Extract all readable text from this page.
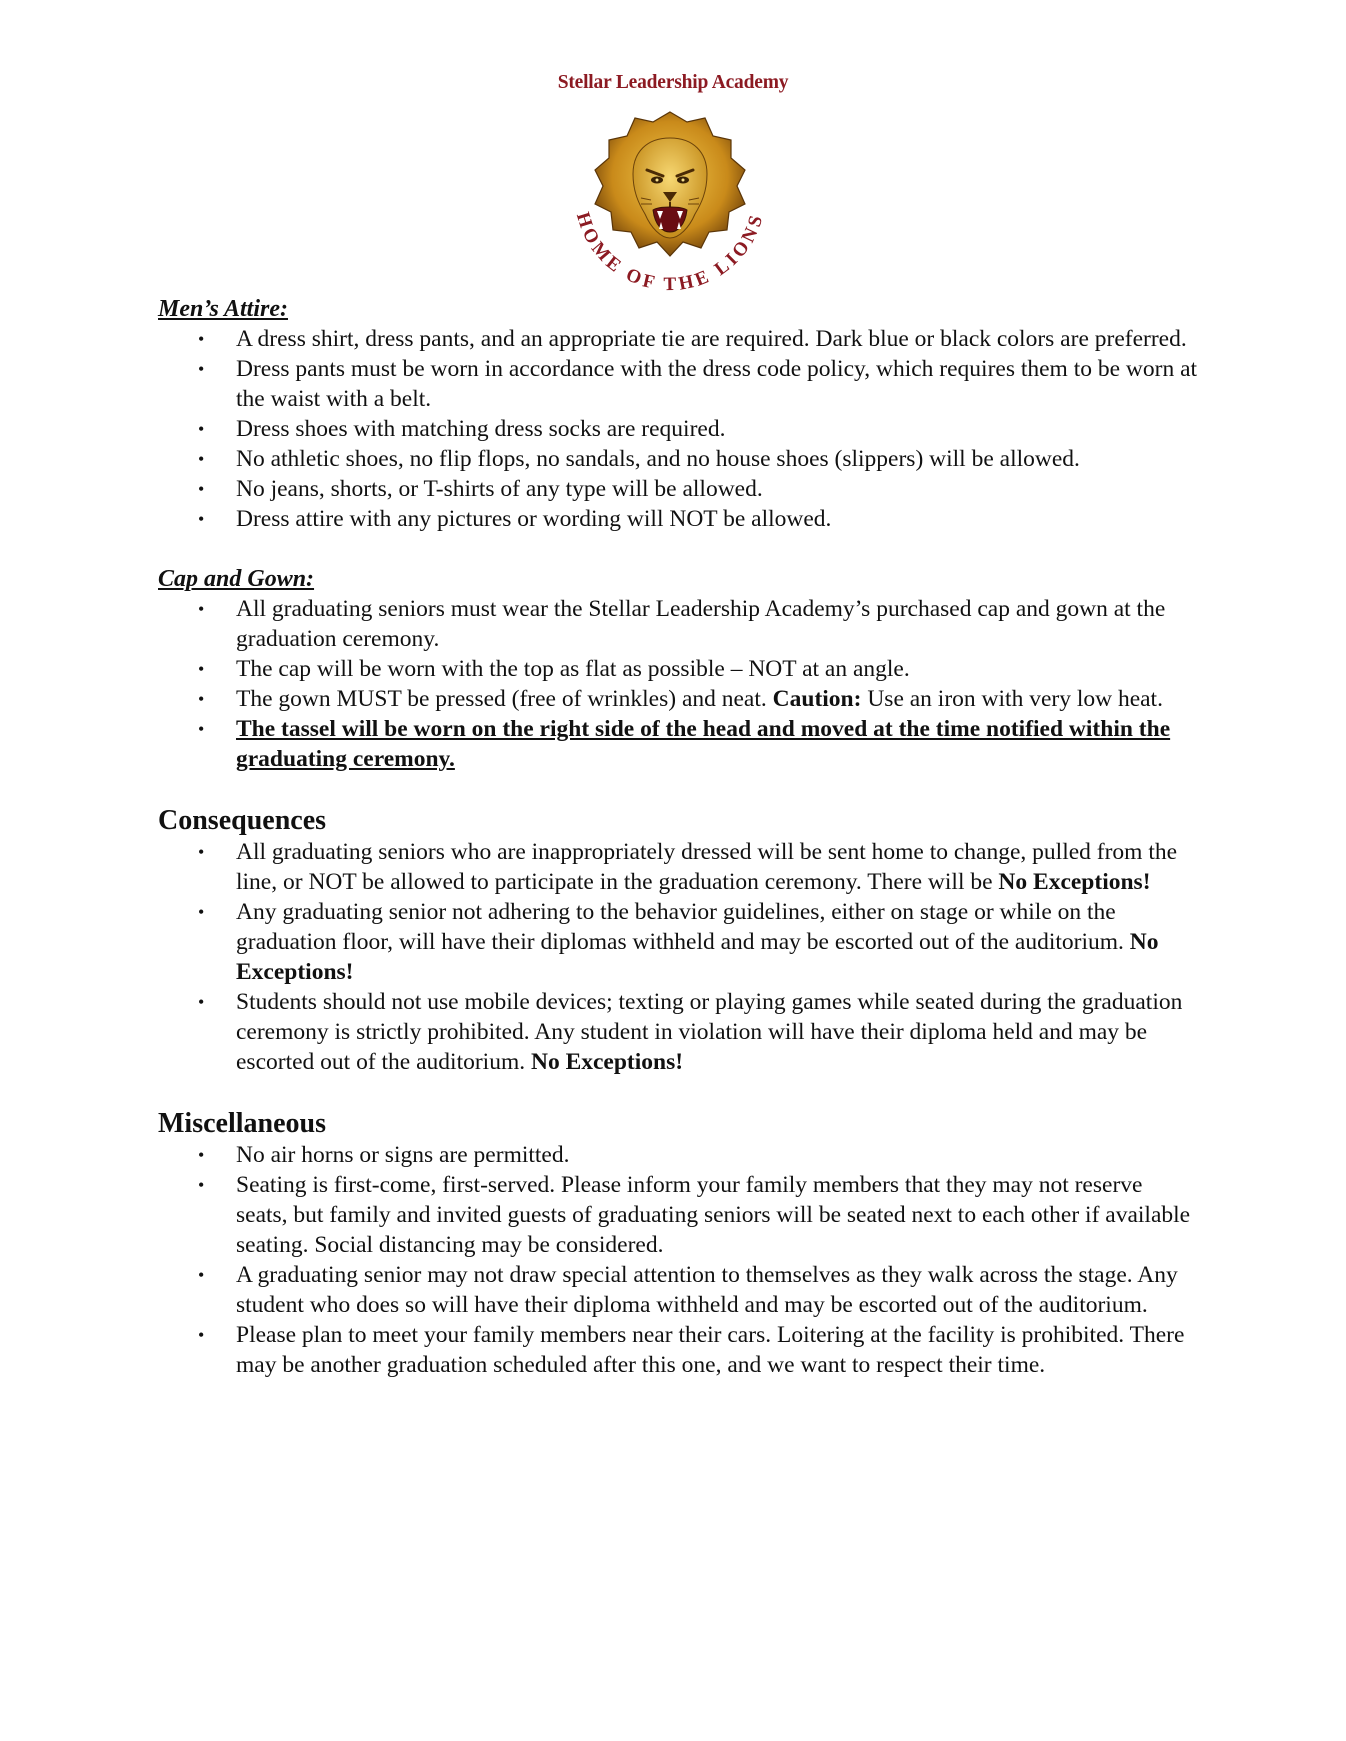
Stellar Leadership Academy
HOME OF THE LIONS
Men’s Attire:
• A dress shirt, dress pants, and an appropriate tie are required. Dark blue or black colors are preferred.
• Dress pants must be worn in accordance with the dress code policy, which requires them to be worn at the waist with a belt.
• Dress shoes with matching dress socks are required.
• No athletic shoes, no flip flops, no sandals, and no house shoes (slippers) will be allowed.
• No jeans, shorts, or T-shirts of any type will be allowed.
• Dress attire with any pictures or wording will NOT be allowed.
Cap and Gown:
• All graduating seniors must wear the Stellar Leadership Academy’s purchased cap and gown at the graduation ceremony.
• The cap will be worn with the top as flat as possible – NOT at an angle.
• The gown MUST be pressed (free of wrinkles) and neat. Caution: Use an iron with very low heat.
• The tassel will be worn on the right side of the head and moved at the time notified within the graduating ceremony.
Consequences
• All graduating seniors who are inappropriately dressed will be sent home to change, pulled from the line, or NOT be allowed to participate in the graduation ceremony. There will be No Exceptions!
• Any graduating senior not adhering to the behavior guidelines, either on stage or while on the graduation floor, will have their diplomas withheld and may be escorted out of the auditorium. No Exceptions!
• Students should not use mobile devices; texting or playing games while seated during the graduation ceremony is strictly prohibited. Any student in violation will have their diploma held and may be escorted out of the auditorium. No Exceptions!
Miscellaneous
• No air horns or signs are permitted.
• Seating is first-come, first-served. Please inform your family members that they may not reserve seats, but family and invited guests of graduating seniors will be seated next to each other if available seating. Social distancing may be considered.
• A graduating senior may not draw special attention to themselves as they walk across the stage. Any student who does so will have their diploma withheld and may be escorted out of the auditorium.
• Please plan to meet your family members near their cars. Loitering at the facility is prohibited. There may be another graduation scheduled after this one, and we want to respect their time.
